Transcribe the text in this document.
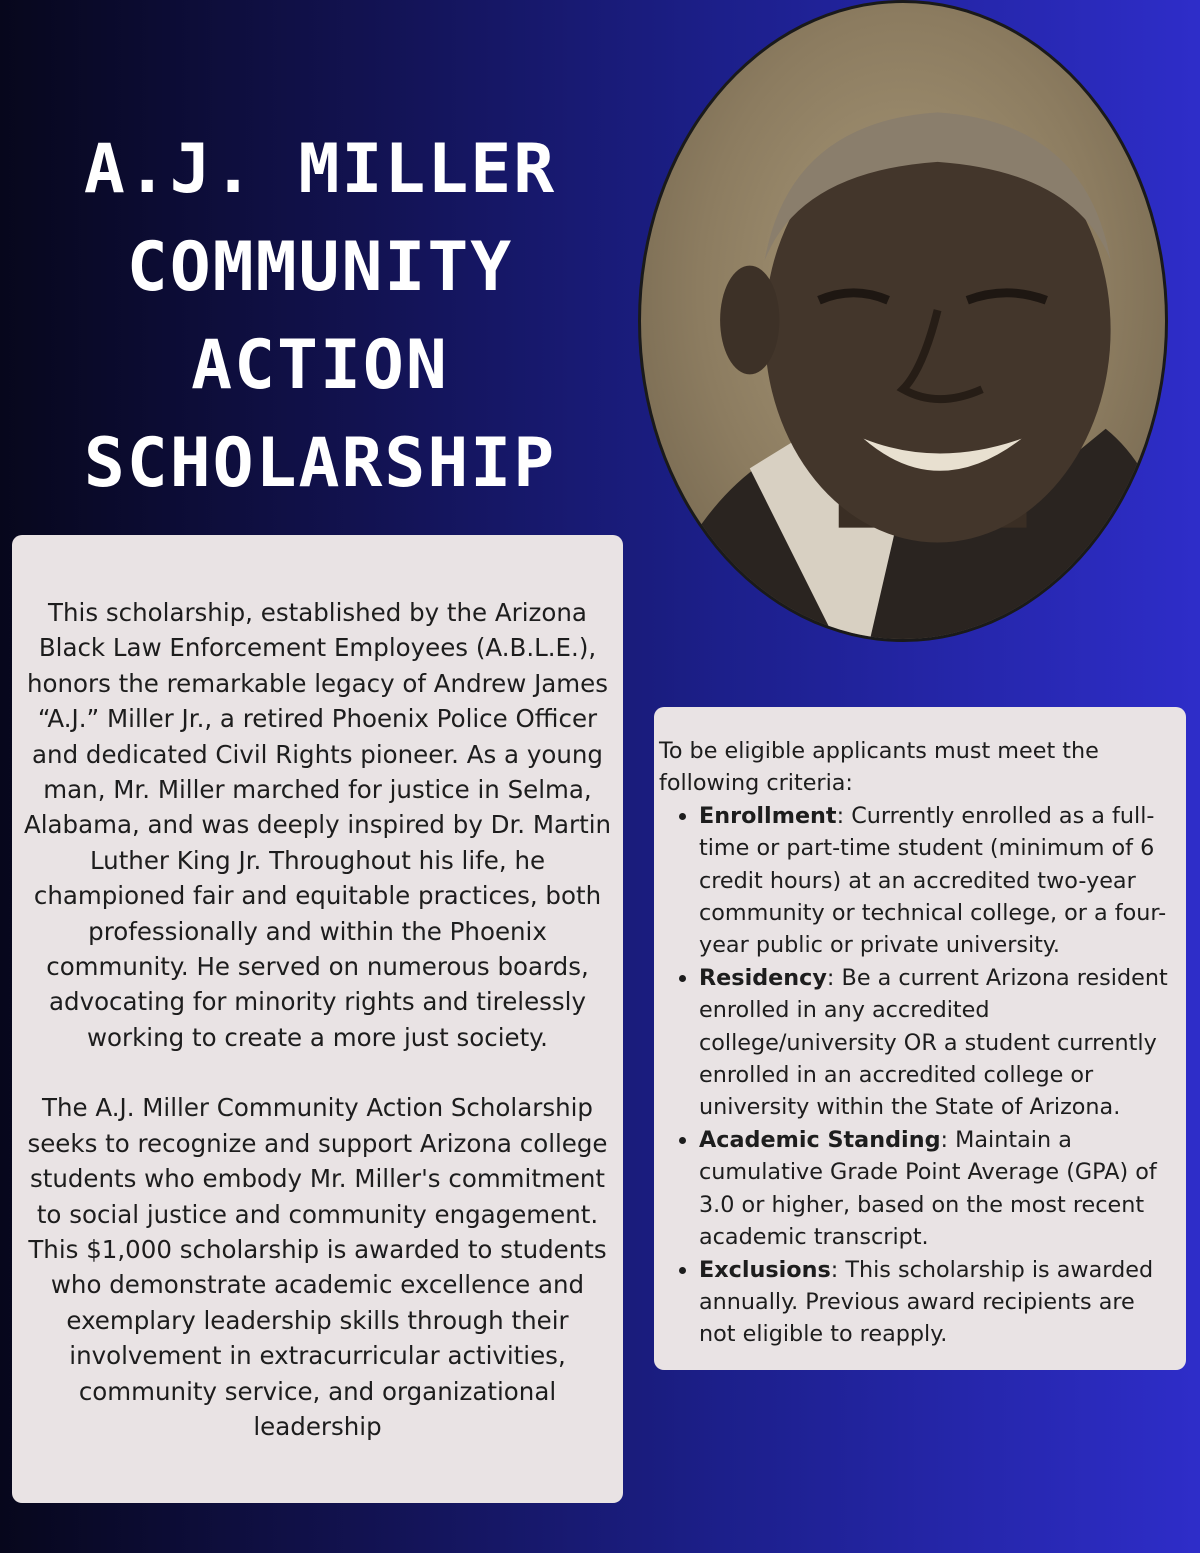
A.J. MILLER
COMMUNITY
ACTION
SCHOLARSHIP

This scholarship, established by the Arizona Black Law Enforcement Employees (A.B.L.E.), honors the remarkable legacy of Andrew James “A.J.” Miller Jr., a retired Phoenix Police Officer and dedicated Civil Rights pioneer. As a young man, Mr. Miller marched for justice in Selma, Alabama, and was deeply inspired by Dr. Martin Luther King Jr. Throughout his life, he championed fair and equitable practices, both professionally and within the Phoenix community. He served on numerous boards, advocating for minority rights and tirelessly working to create a more just society.

The A.J. Miller Community Action Scholarship seeks to recognize and support Arizona college students who embody Mr. Miller's commitment to social justice and community engagement. This $1,000 scholarship is awarded to students who demonstrate academic excellence and exemplary leadership skills through their involvement in extracurricular activities, community service, and organizational leadership

To be eligible applicants must meet the following criteria:

• Enrollment: Currently enrolled as a full-time or part-time student (minimum of 6 credit hours) at an accredited two-year community or technical college, or a four-year public or private university.
• Residency: Be a current Arizona resident enrolled in any accredited college/university OR a student currently enrolled in an accredited college or university within the State of Arizona.
• Academic Standing: Maintain a cumulative Grade Point Average (GPA) of 3.0 or higher, based on the most recent academic transcript.
• Exclusions: This scholarship is awarded annually. Previous award recipients are not eligible to reapply.
